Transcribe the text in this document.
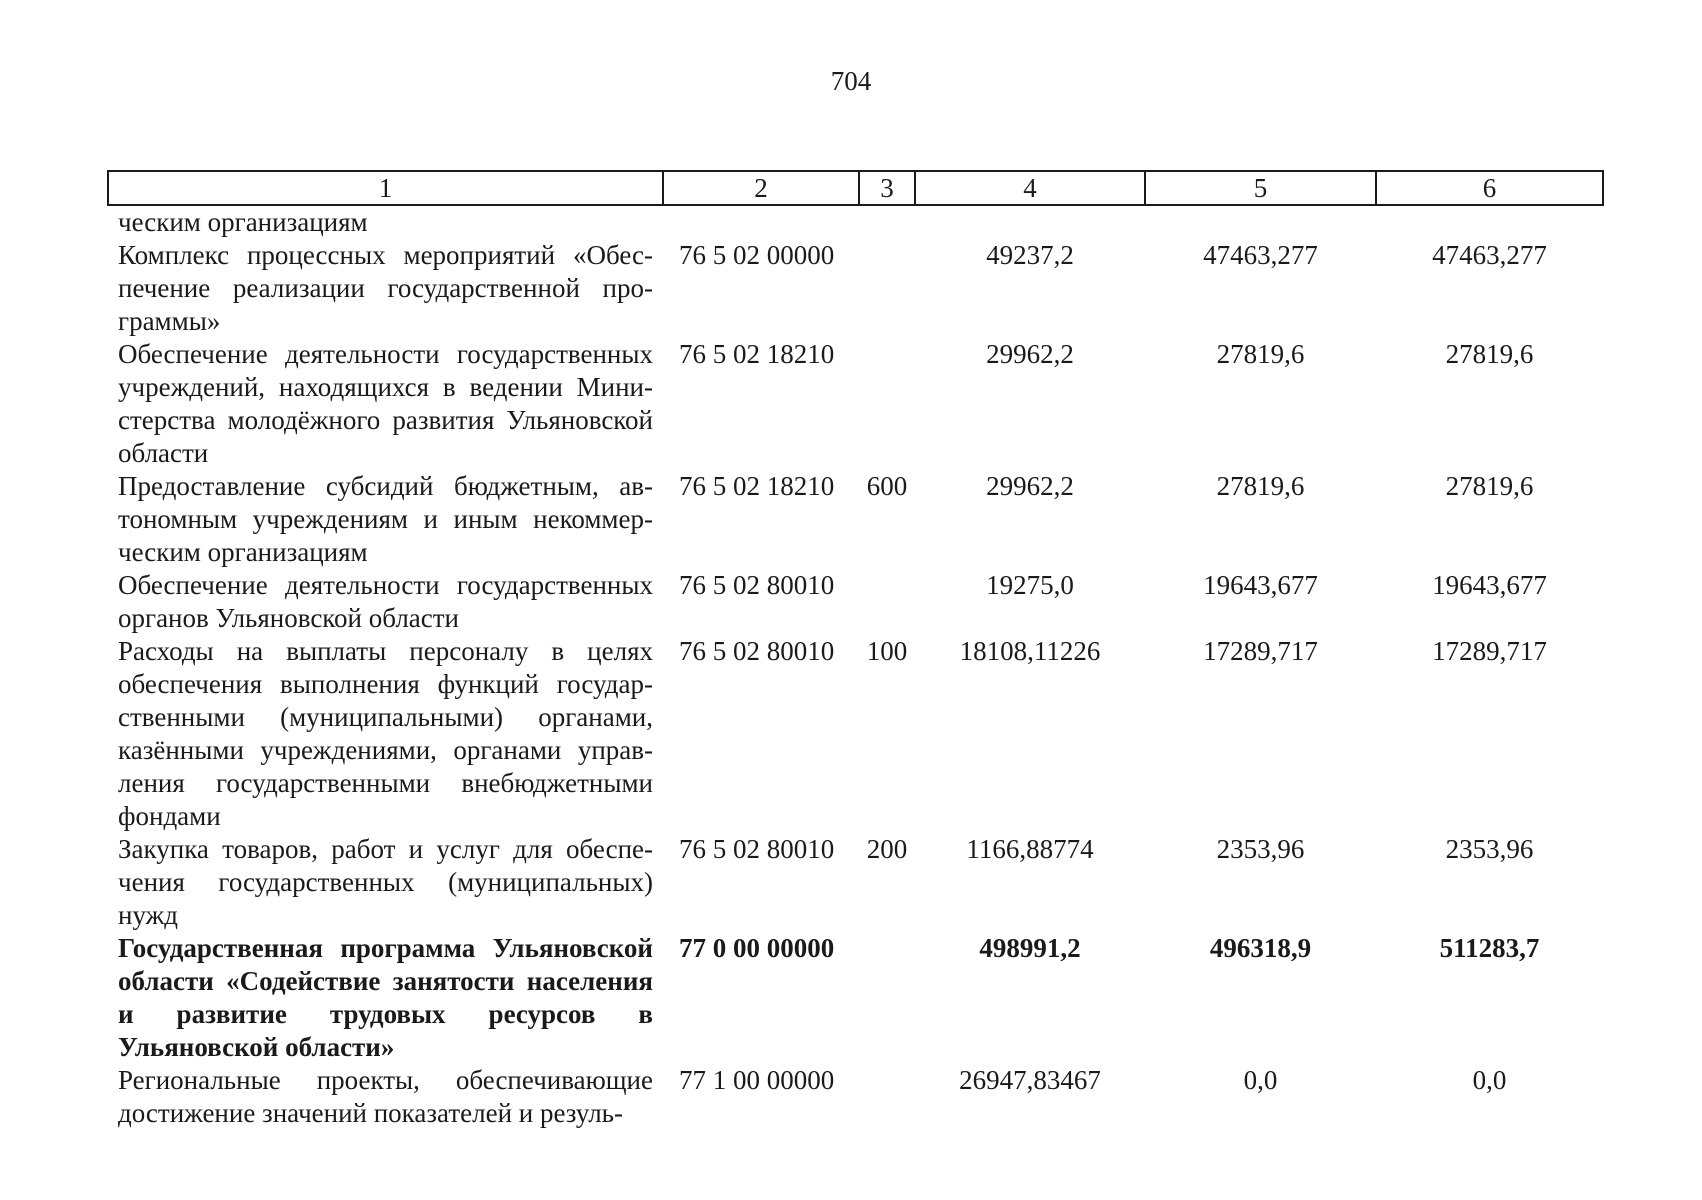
704
1	2	3	4	5	6
ческим организациям					
Комплекс процессных мероприятий «Обеспечение реализации государственной программы»	76 5 02 00000		49237,2	47463,277	47463,277
Обеспечение деятельности государственных учреждений, находящихся в ведении Министерства молодёжного развития Ульяновской области	76 5 02 18210		29962,2	27819,6	27819,6
Предоставление субсидий бюджетным, автономным учреждениям и иным некоммерческим организациям	76 5 02 18210	600	29962,2	27819,6	27819,6
Обеспечение деятельности государственных органов Ульяновской области	76 5 02 80010		19275,0	19643,677	19643,677
Расходы на выплаты персоналу в целях обеспечения выполнения функций государственными (муниципальными) органами, казёнными учреждениями, органами управления государственными внебюджетными фондами	76 5 02 80010	100	18108,11226	17289,717	17289,717
Закупка товаров, работ и услуг для обеспечения государственных (муниципальных) нужд	76 5 02 80010	200	1166,88774	2353,96	2353,96
Государственная программа Ульяновской области «Содействие занятости населения и развитие трудовых ресурсов в Ульяновской области»	77 0 00 00000		498991,2	496318,9	511283,7
Региональные проекты, обеспечивающие достижение значений показателей и резуль-	77 1 00 00000		26947,83467	0,0	0,0
